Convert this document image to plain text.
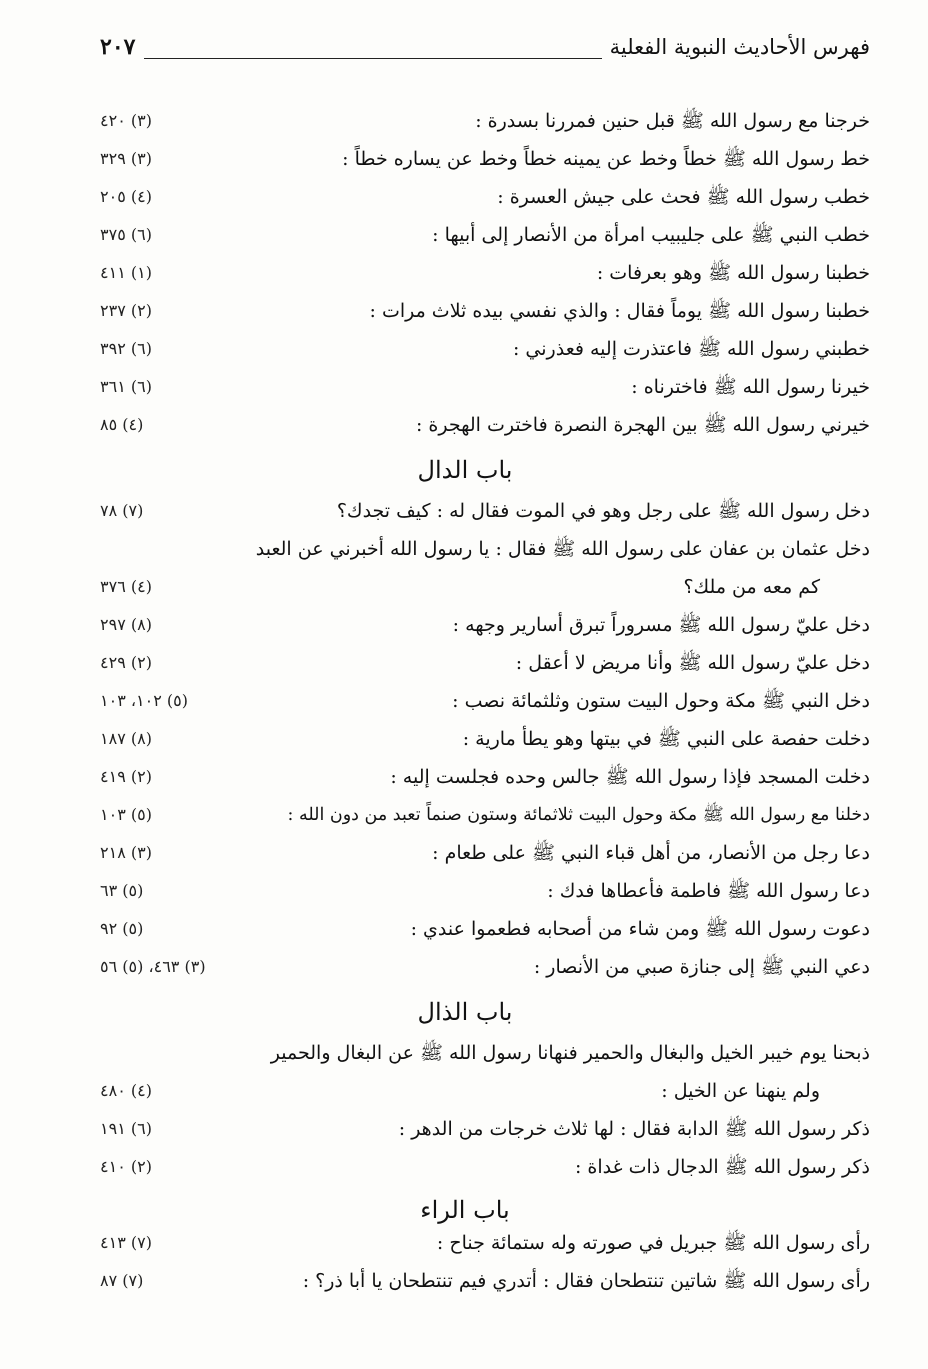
فهرس الأحاديث النبوية الفعلية
٢٠٧
خرجنا مع رسول الله ﷺ قبل حنين فمررنا بسدرة :
(٣) ٤٢٠
خط رسول الله ﷺ خطاً وخط عن يمينه خطاً وخط عن يساره خطاً :
(٣) ٣٢٩
خطب رسول الله ﷺ فحث على جيش العسرة :
(٤) ٢٠٥
خطب النبي ﷺ على جليبيب امرأة من الأنصار إلى أبيها :
(٦) ٣٧٥
خطبنا رسول الله ﷺ وهو بعرفات :
(١) ٤١١
خطبنا رسول الله ﷺ يوماً فقال : والذي نفسي بيده ثلاث مرات :
(٢) ٢٣٧
خطبني رسول الله ﷺ فاعتذرت إليه فعذرني :
(٦) ٣٩٢
خيرنا رسول الله ﷺ فاخترناه :
(٦) ٣٦١
خيرني رسول الله ﷺ بين الهجرة النصرة فاخترت الهجرة :
(٤) ٨٥
باب الدال
دخل رسول الله ﷺ على رجل وهو في الموت فقال له : كيف تجدك؟
(٧) ٧٨
دخل عثمان بن عفان على رسول الله ﷺ فقال : يا رسول الله أخبرني عن العبد
كم معه من ملك؟
(٤) ٣٧٦
دخل عليّ رسول الله ﷺ مسروراً تبرق أسارير وجهه :
(٨) ٢٩٧
دخل عليّ رسول الله ﷺ وأنا مريض لا أعقل :
(٢) ٤٢٩
دخل النبي ﷺ مكة وحول البيت ستون وثلثمائة نصب :
(٥) ١٠٢، ١٠٣
دخلت حفصة على النبي ﷺ في بيتها وهو يطأ مارية :
(٨) ١٨٧
دخلت المسجد فإذا رسول الله ﷺ جالس وحده فجلست إليه :
(٢) ٤١٩
دخلنا مع رسول الله ﷺ مكة وحول البيت ثلاثمائة وستون صنماً تعبد من دون الله :
(٥) ١٠٣
دعا رجل من الأنصار، من أهل قباء النبي ﷺ على طعام :
(٣) ٢١٨
دعا رسول الله ﷺ فاطمة فأعطاها فدك :
(٥) ٦٣
دعوت رسول الله ﷺ ومن شاء من أصحابه فطعموا عندي :
(٥) ٩٢
دعي النبي ﷺ إلى جنازة صبي من الأنصار :
(٣) ٤٦٣، (٥) ٥٦
باب الذال
ذبحنا يوم خيبر الخيل والبغال والحمير فنهانا رسول الله ﷺ عن البغال والحمير
ولم ينهنا عن الخيل :
(٤) ٤٨٠
ذكر رسول الله ﷺ الدابة فقال : لها ثلاث خرجات من الدهر :
(٦) ١٩١
ذكر رسول الله ﷺ الدجال ذات غداة :
(٢) ٤١٠
باب الراء
رأى رسول الله ﷺ جبريل في صورته وله ستمائة جناح :
(٧) ٤١٣
رأى رسول الله ﷺ شاتين تنتطحان فقال : أتدري فيم تنتطحان يا أبا ذر؟ :
(٧) ٨٧
